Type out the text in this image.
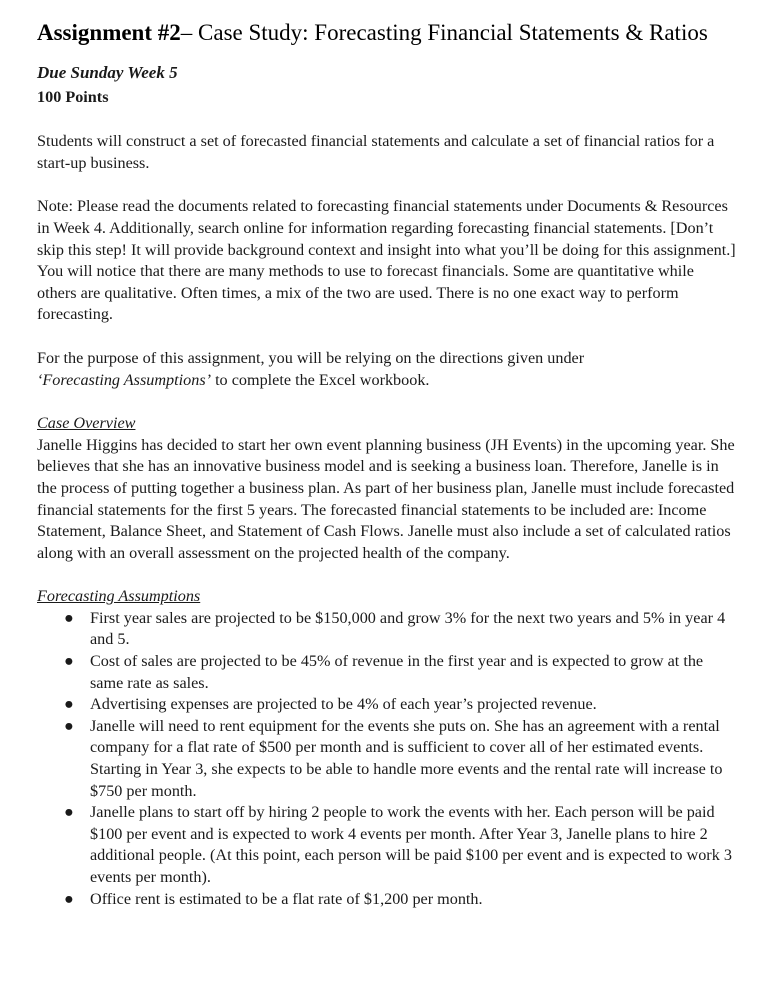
Assignment #2– Case Study: Forecasting Financial Statements & Ratios
Due Sunday Week 5
100 Points

Students will construct a set of forecasted financial statements and calculate a set of financial ratios for a start-up business.

Note: Please read the documents related to forecasting financial statements under Documents & Resources in Week 4. Additionally, search online for information regarding forecasting financial statements. [Don’t skip this step! It will provide background context and insight into what you’ll be doing for this assignment.] You will notice that there are many methods to use to forecast financials. Some are quantitative while others are qualitative. Often times, a mix of the two are used. There is no one exact way to perform forecasting.

For the purpose of this assignment, you will be relying on the directions given under
‘Forecasting Assumptions’ to complete the Excel workbook.

Case Overview

Janelle Higgins has decided to start her own event planning business (JH Events) in the upcoming year. She believes that she has an innovative business model and is seeking a business loan. Therefore, Janelle is in the process of putting together a business plan. As part of her business plan, Janelle must include forecasted financial statements for the first 5 years. The forecasted financial statements to be included are: Income Statement, Balance Sheet, and Statement of Cash Flows. Janelle must also include a set of calculated ratios along with an overall assessment on the projected health of the company.

Forecasting Assumptions
● First year sales are projected to be $150,000 and grow 3% for the next two years and 5% in year 4 and 5.
● Cost of sales are projected to be 45% of revenue in the first year and is expected to grow at the same rate as sales.
● Advertising expenses are projected to be 4% of each year’s projected revenue.
● Janelle will need to rent equipment for the events she puts on. She has an agreement with a rental company for a flat rate of $500 per month and is sufficient to cover all of her estimated events. Starting in Year 3, she expects to be able to handle more events and the rental rate will increase to $750 per month.
● Janelle plans to start off by hiring 2 people to work the events with her. Each person will be paid $100 per event and is expected to work 4 events per month. After Year 3, Janelle plans to hire 2 additional people. (At this point, each person will be paid $100 per event and is expected to work 3 events per month).
● Office rent is estimated to be a flat rate of $1,200 per month.
